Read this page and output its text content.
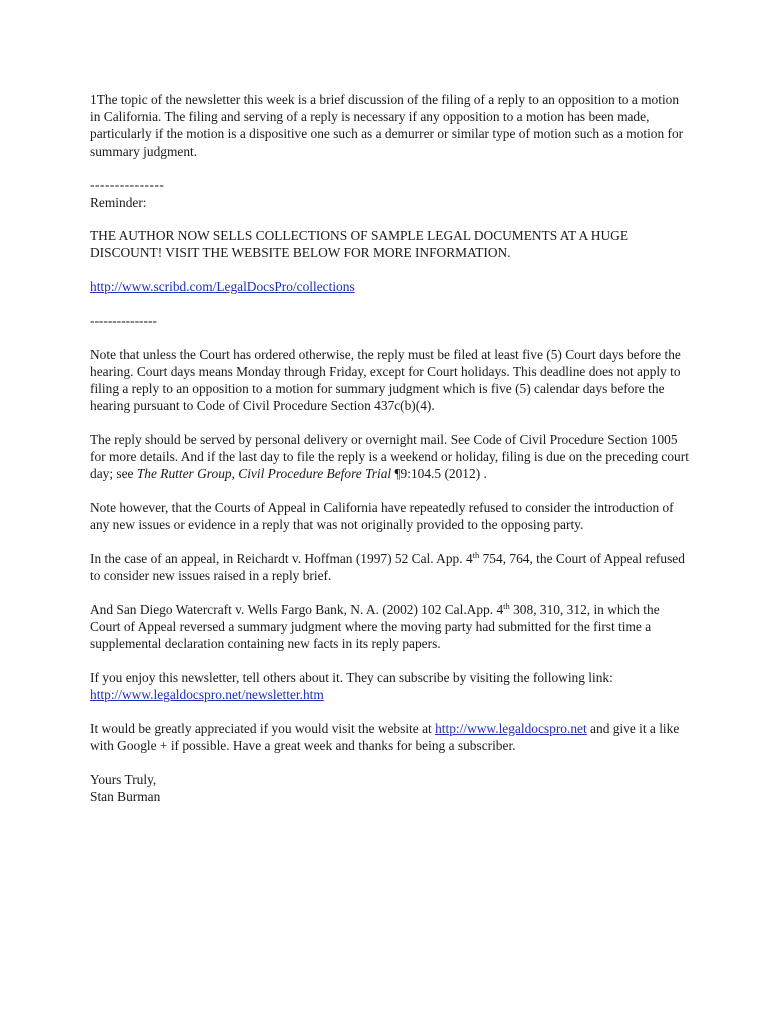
1The topic of the newsletter this week is a brief discussion of the filing of a reply to an opposition to a motion in California. The filing and serving of a reply is necessary if any opposition to a motion has been made, particularly if the motion is a dispositive one such as a demurrer or similar type of motion such as a motion for summary judgment.

---------------

Reminder:

THE AUTHOR NOW SELLS COLLECTIONS OF SAMPLE LEGAL DOCUMENTS AT A HUGE DISCOUNT! VISIT THE WEBSITE BELOW FOR MORE INFORMATION.

http://www.scribd.com/LegalDocsPro/collections

---------------

Note that unless the Court has ordered otherwise, the reply must be filed at least five (5) Court days before the hearing. Court days means Monday through Friday, except for Court holidays. This deadline does not apply to filing a reply to an opposition to a motion for summary judgment which is five (5) calendar days before the hearing pursuant to Code of Civil Procedure Section 437c(b)(4).

The reply should be served by personal delivery or overnight mail. See Code of Civil Procedure Section 1005 for more details. And if the last day to file the reply is a weekend or holiday, filing is due on the preceding court day; see The Rutter Group, Civil Procedure Before Trial ¶9:104.5 (2012) .

Note however, that the Courts of Appeal in California have repeatedly refused to consider the introduction of any new issues or evidence in a reply that was not originally provided to the opposing party.

In the case of an appeal, in Reichardt v. Hoffman (1997) 52 Cal. App. 4th 754, 764, the Court of Appeal refused to consider new issues raised in a reply brief.

And San Diego Watercraft v. Wells Fargo Bank, N. A. (2002) 102 Cal.App. 4th 308, 310, 312, in which the Court of Appeal reversed a summary judgment where the moving party had submitted for the first time a supplemental declaration containing new facts in its reply papers.

If you enjoy this newsletter, tell others about it. They can subscribe by visiting the following link: http://www.legaldocspro.net/newsletter.htm

It would be greatly appreciated if you would visit the website at http://www.legaldocspro.net and give it a like with Google + if possible. Have a great week and thanks for being a subscriber.

Yours Truly,

Stan Burman
